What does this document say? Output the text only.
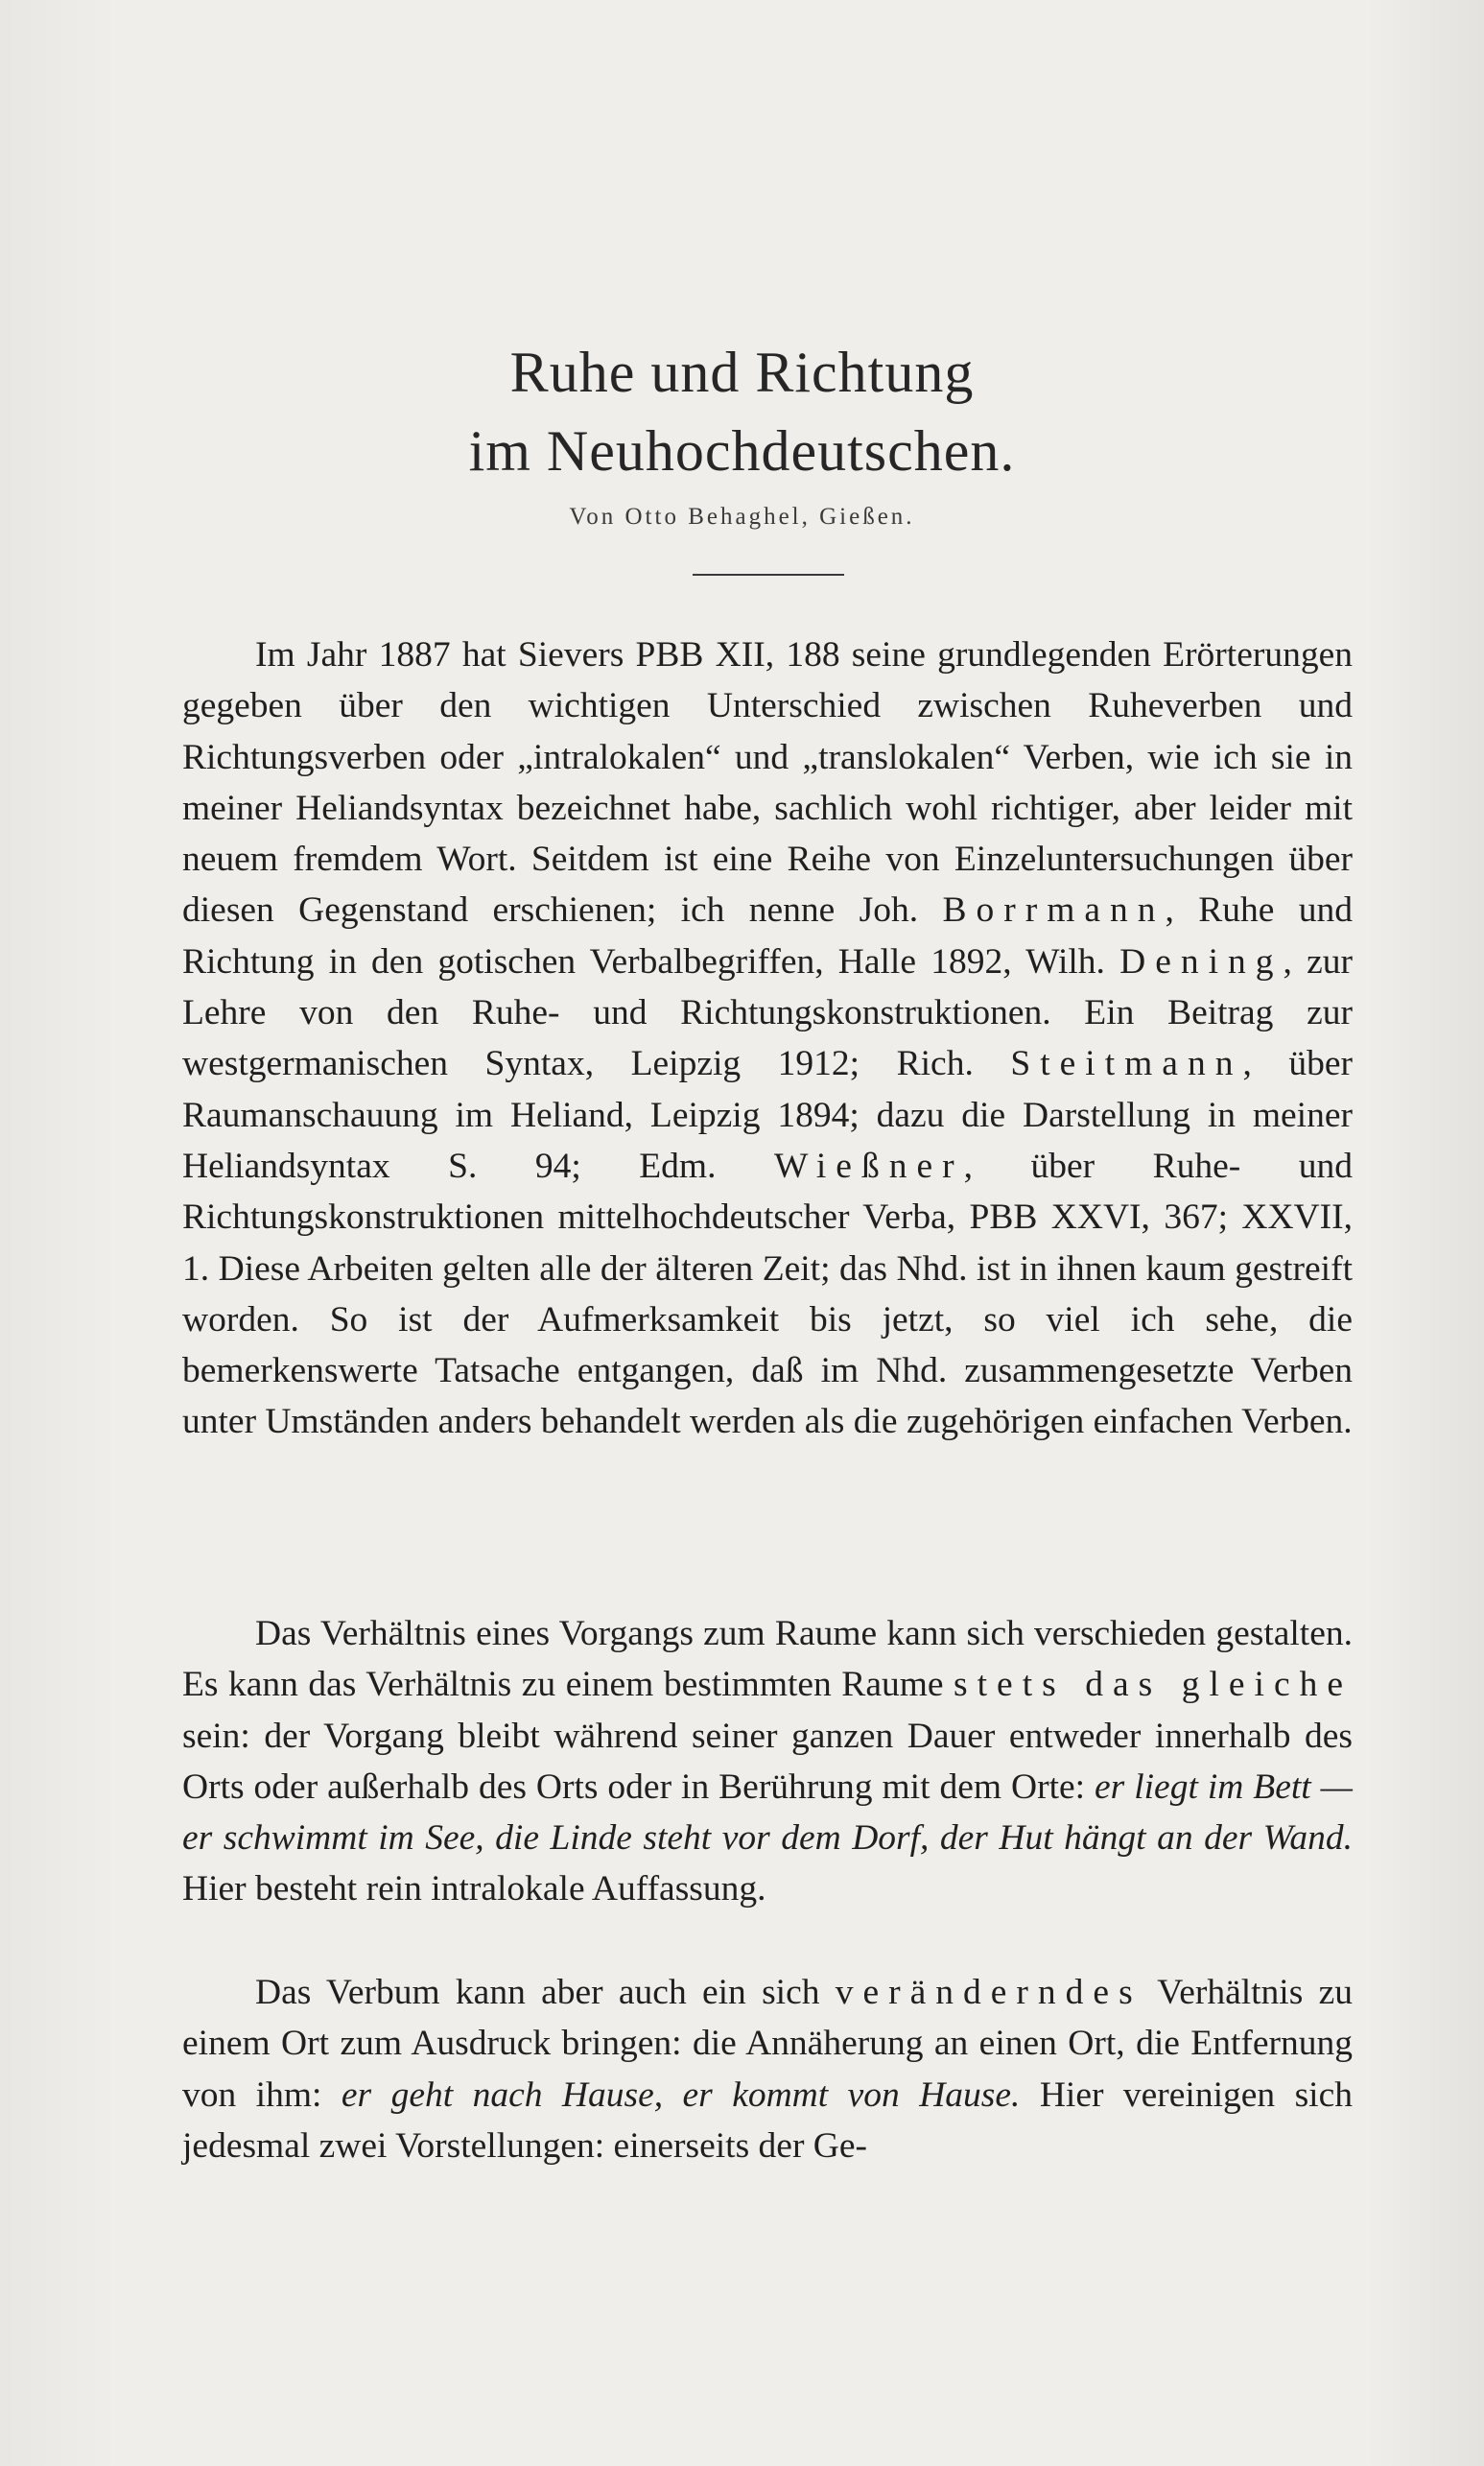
Ruhe und Richtung
im Neuhochdeutschen.
Von Otto Behaghel, Gießen.

Im Jahr 1887 hat Sievers PBB XII, 188 seine grundlegenden Erörterungen gegeben über den wichtigen Unterschied zwischen Ruheverben und Richtungsverben oder „intralokalen“ und „translokalen“ Verben, wie ich sie in meiner Heliandsyntax bezeichnet habe, sachlich wohl richtiger, aber leider mit neuem fremdem Wort. Seitdem ist eine Reihe von Einzeluntersuchungen über diesen Gegenstand erschienen; ich nenne Joh. Borrmann, Ruhe und Richtung in den gotischen Verbalbegriffen, Halle 1892, Wilh. Dening, zur Lehre von den Ruhe- und Richtungskonstruktionen. Ein Beitrag zur westgermanischen Syntax, Leipzig 1912; Rich. Steitmann, über Raumanschauung im Heliand, Leipzig 1894; dazu die Darstellung in meiner Heliandsyntax S. 94; Edm. Wießner, über Ruhe- und Richtungskonstruktionen mittelhochdeutscher Verba, PBB XXVI, 367; XXVII, 1. Diese Arbeiten gelten alle der älteren Zeit; das Nhd. ist in ihnen kaum gestreift worden. So ist der Aufmerksamkeit bis jetzt, so viel ich sehe, die bemerkenswerte Tatsache entgangen, daß im Nhd. zusammengesetzte Verben unter Umständen anders behandelt werden als die zugehörigen einfachen Verben.

Das Verhältnis eines Vorgangs zum Raume kann sich verschieden gestalten. Es kann das Verhältnis zu einem bestimmten Raume stets das gleiche sein: der Vorgang bleibt während seiner ganzen Dauer entweder innerhalb des Orts oder außerhalb des Orts oder in Berührung mit dem Orte: er liegt im Bett — er schwimmt im See, die Linde steht vor dem Dorf, der Hut hängt an der Wand. Hier besteht rein intralokale Auffassung.

Das Verbum kann aber auch ein sich veränderndes Verhältnis zu einem Ort zum Ausdruck bringen: die Annäherung an einen Ort, die Entfernung von ihm: er geht nach Hause, er kommt von Hause. Hier vereinigen sich jedesmal zwei Vorstellungen: einerseits der Ge-
